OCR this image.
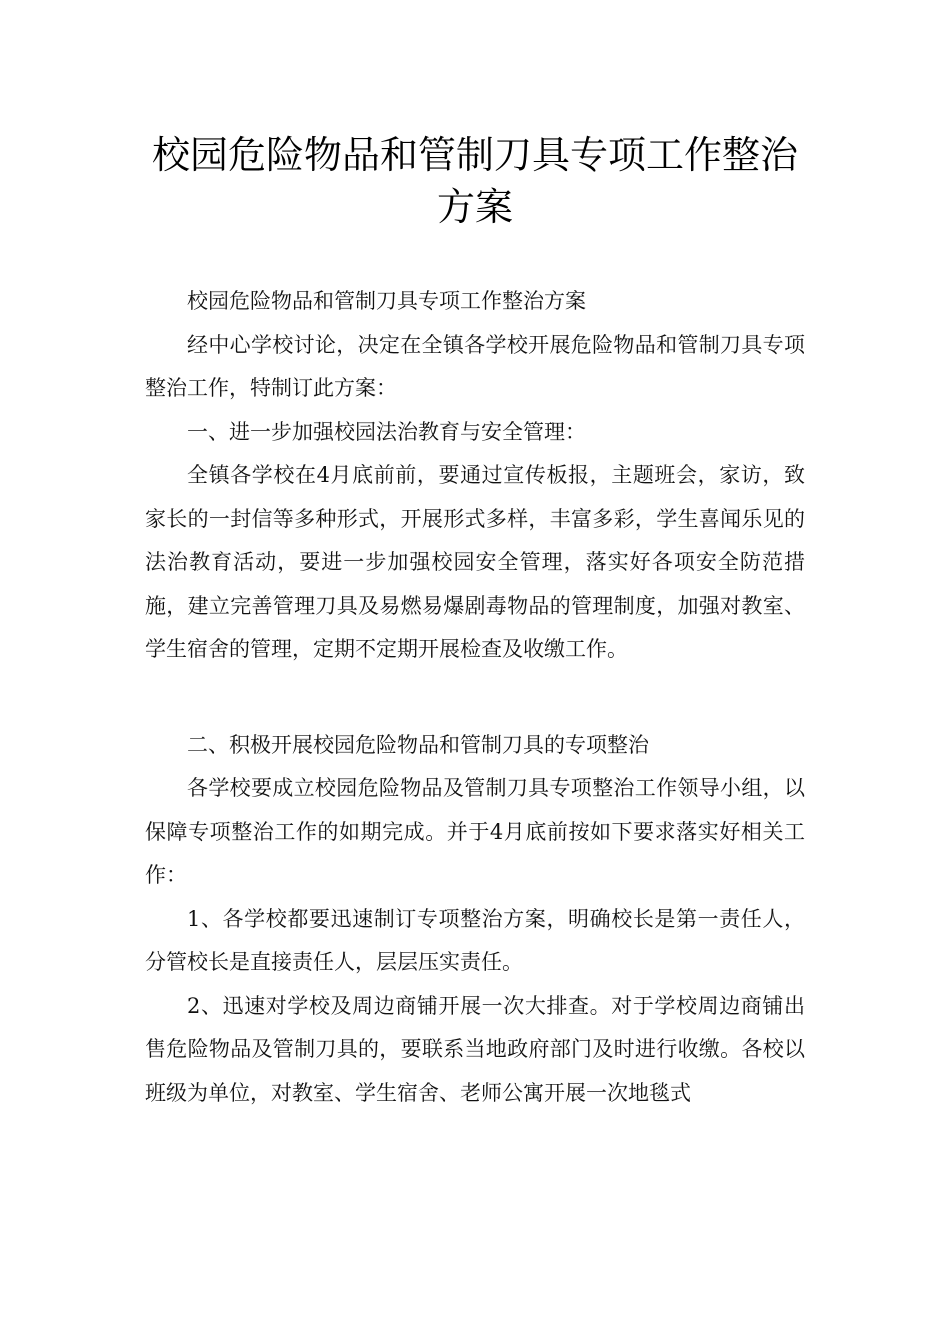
校园危险物品和管制刀具专项工作整治
方案

校园危险物品和管制刀具专项工作整治方案

经中心学校讨论，决定在全镇各学校开展危险物品和管制刀具专项整治工作，特制订此方案：

一、进一步加强校园法治教育与安全管理：

全镇各学校在4月底前前，要通过宣传板报，主题班会，家访，致家长的一封信等多种形式，开展形式多样，丰富多彩，学生喜闻乐见的法治教育活动，要进一步加强校园安全管理，落实好各项安全防范措施，建立完善管理刀具及易燃易爆剧毒物品的管理制度，加强对教室、学生宿舍的管理，定期不定期开展检查及收缴工作。

二、积极开展校园危险物品和管制刀具的专项整治

各学校要成立校园危险物品及管制刀具专项整治工作领导小组，以保障专项整治工作的如期完成。并于4月底前按如下要求落实好相关工作：

1、各学校都要迅速制订专项整治方案，明确校长是第一责任人，分管校长是直接责任人，层层压实责任。

2、迅速对学校及周边商铺开展一次大排查。对于学校周边商铺出售危险物品及管制刀具的，要联系当地政府部门及时进行收缴。各校以班级为单位，对教室、学生宿舍、老师公寓开展一次地毯式
